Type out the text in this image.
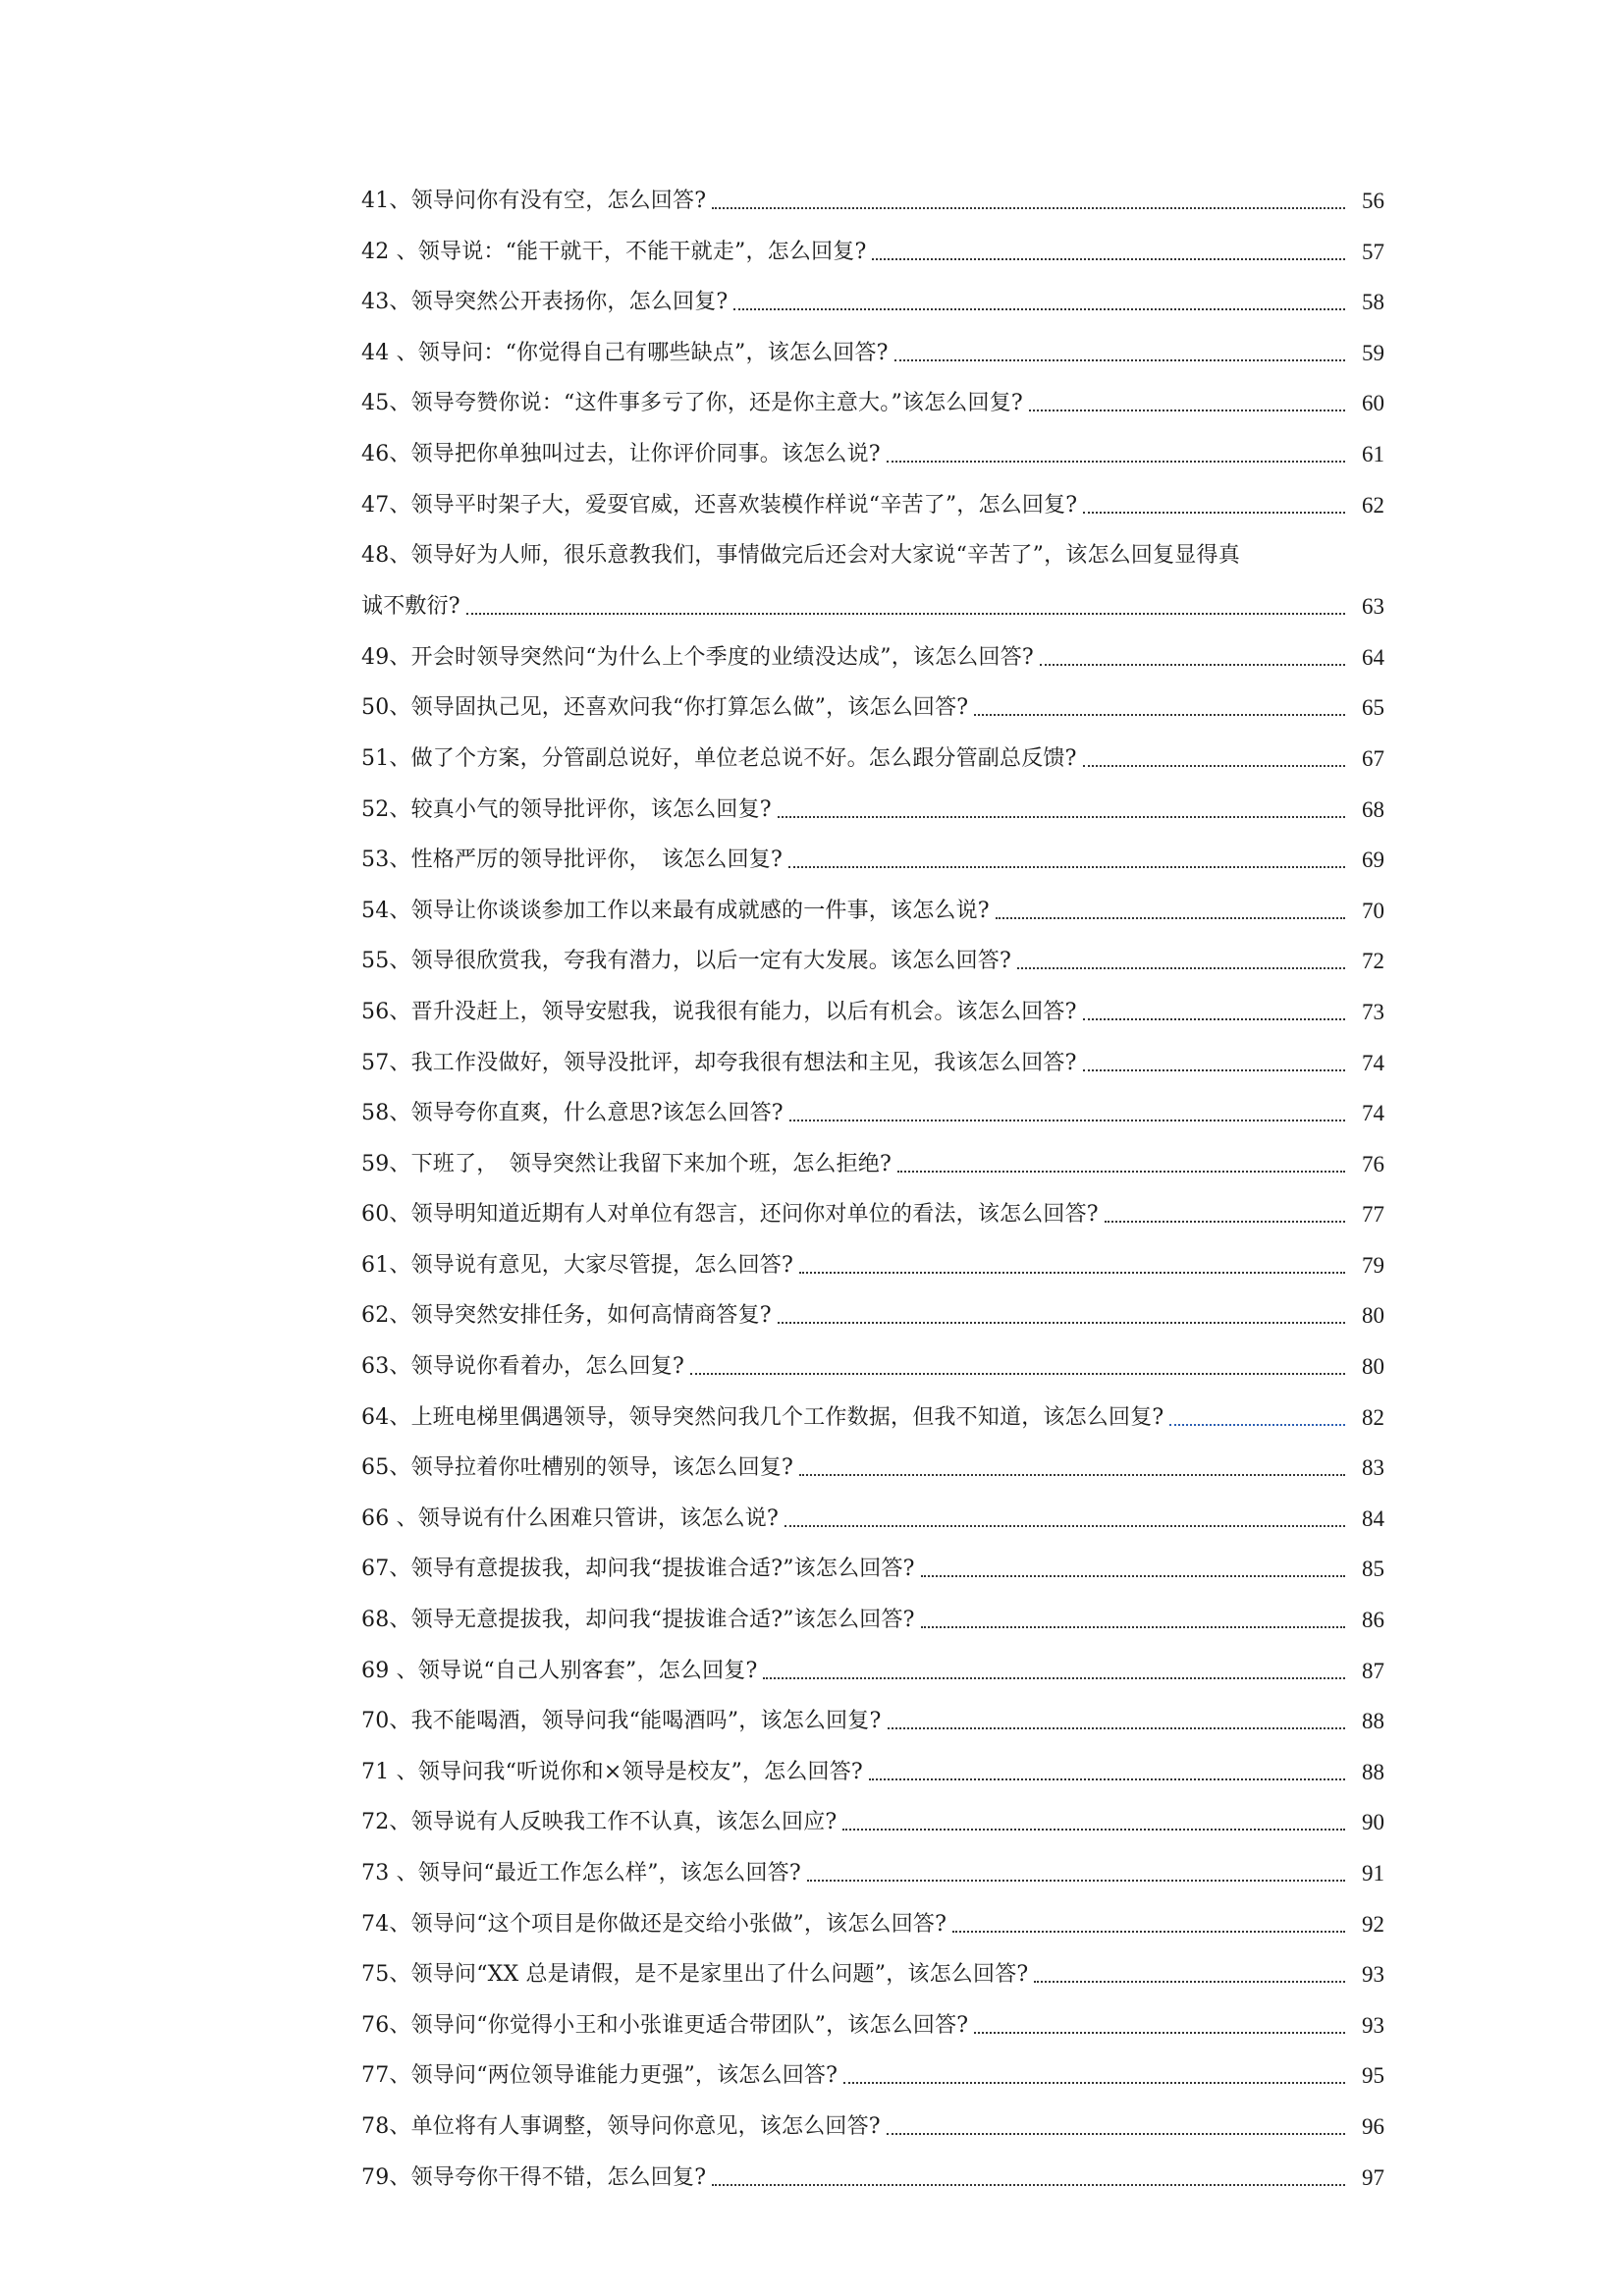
41、领导问你有没有空，怎么回答?	56
42 、领导说：“能干就干，不能干就走”，怎么回复?	57
43、领导突然公开表扬你，怎么回复?	58
44 、领导问：“你觉得自己有哪些缺点”，该怎么回答?	59
45、领导夸赞你说：“这件事多亏了你，还是你主意大。”该怎么回复?	60
46、领导把你单独叫过去，让你评价同事。该怎么说?	61
47、领导平时架子大，爱耍官威，还喜欢装模作样说“辛苦了”，怎么回复?	62
48、领导好为人师，很乐意教我们，事情做完后还会对大家说“辛苦了”，该怎么回复显得真
诚不敷衍?	63
49、开会时领导突然问“为什么上个季度的业绩没达成”，该怎么回答?	64
50、领导固执己见，还喜欢问我“你打算怎么做”，该怎么回答?	65
51、做了个方案，分管副总说好，单位老总说不好。怎么跟分管副总反馈?	67
52、较真小气的领导批评你，该怎么回复?	68
53、性格严厉的领导批评你，　该怎么回复?	69
54、领导让你谈谈参加工作以来最有成就感的一件事，该怎么说?	70
55、领导很欣赏我，夸我有潜力，以后一定有大发展。该怎么回答?	72
56、晋升没赶上，领导安慰我，说我很有能力，以后有机会。该怎么回答?	73
57、我工作没做好，领导没批评，却夸我很有想法和主见，我该怎么回答?	74
58、领导夸你直爽，什么意思?该怎么回答?	74
59、下班了，　领导突然让我留下来加个班，怎么拒绝?	76
60、领导明知道近期有人对单位有怨言，还问你对单位的看法，该怎么回答?	77
61、领导说有意见，大家尽管提，怎么回答?	79
62、领导突然安排任务，如何高情商答复?	80
63、领导说你看着办，怎么回复?	80
64、上班电梯里偶遇领导，领导突然问我几个工作数据，但我不知道，该怎么回复?	82
65、领导拉着你吐槽别的领导，该怎么回复?	83
66 、领导说有什么困难只管讲，该怎么说?	84
67、领导有意提拔我，却问我“提拔谁合适?”该怎么回答?	85
68、领导无意提拔我，却问我“提拔谁合适?”该怎么回答?	86
69 、领导说“自己人别客套”，怎么回复?	87
70、我不能喝酒，领导问我“能喝酒吗”，该怎么回复?	88
71 、领导问我“听说你和×领导是校友”，怎么回答?	88
72、领导说有人反映我工作不认真，该怎么回应?	90
73 、领导问“最近工作怎么样”，该怎么回答?	91
74、领导问“这个项目是你做还是交给小张做”，该怎么回答?	92
75、领导问“XX 总是请假，是不是家里出了什么问题”，该怎么回答?	93
76、领导问“你觉得小王和小张谁更适合带团队”，该怎么回答?	93
77、领导问“两位领导谁能力更强”，该怎么回答?	95
78、单位将有人事调整，领导问你意见，该怎么回答?	96
79、领导夸你干得不错，怎么回复?	97
